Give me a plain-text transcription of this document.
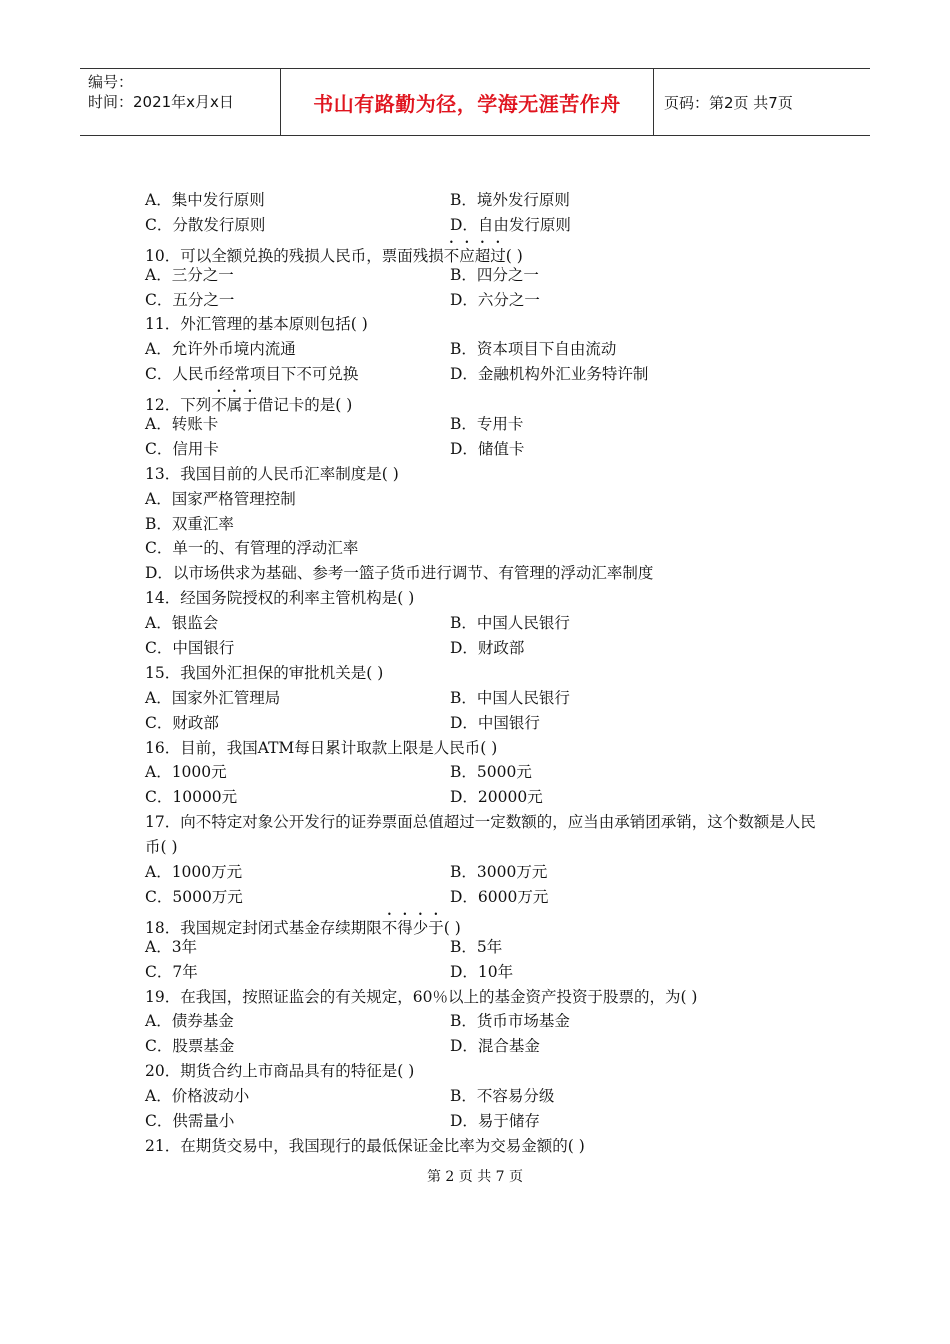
编号：
时间：2021年x月x日	书山有路勤为径，学海无涯苦作舟	页码：第2页 共7页
A．集中发行原则	B．境外发行原则
C．分散发行原则	D．自由发行原则
10．可以全额兑换的残损人民币，票面残损不应超过( )
A．三分之一	B．四分之一
C．五分之一	D．六分之一
11．外汇管理的基本原则包括( )
A．允许外币境内流通	B．资本项目下自由流动
C．人民币经常项目下不可兑换	D．金融机构外汇业务特许制
12．下列不属于借记卡的是( )
A．转账卡	B．专用卡
C．信用卡	D．储值卡
13．我国目前的人民币汇率制度是( )
A．国家严格管理控制
B．双重汇率
C．单一的、有管理的浮动汇率
D．以市场供求为基础、参考一篮子货币进行调节、有管理的浮动汇率制度
14．经国务院授权的利率主管机构是( )
A．银监会	B．中国人民银行
C．中国银行	D．财政部
15．我国外汇担保的审批机关是( )
A．国家外汇管理局	B．中国人民银行
C．财政部	D．中国银行
16．目前，我国ATM每日累计取款上限是人民币( )
A．1000元	B．5000元
C．10000元	D．20000元
17．向不特定对象公开发行的证券票面总值超过一定数额的，应当由承销团承销，这个数额是人民币( )
A．1000万元	B．3000万元
C．5000万元	D．6000万元
18．我国规定封闭式基金存续期限不得少于( )
A．3年	B．5年
C．7年	D．10年
19．在我国，按照证监会的有关规定，60％以上的基金资产投资于股票的，为( )
A．债券基金	B．货币市场基金
C．股票基金	D．混合基金
20．期货合约上市商品具有的特征是( )
A．价格波动小	B．不容易分级
C．供需量小	D．易于储存
21．在期货交易中，我国现行的最低保证金比率为交易金额的( )
第 2 页 共 7 页
